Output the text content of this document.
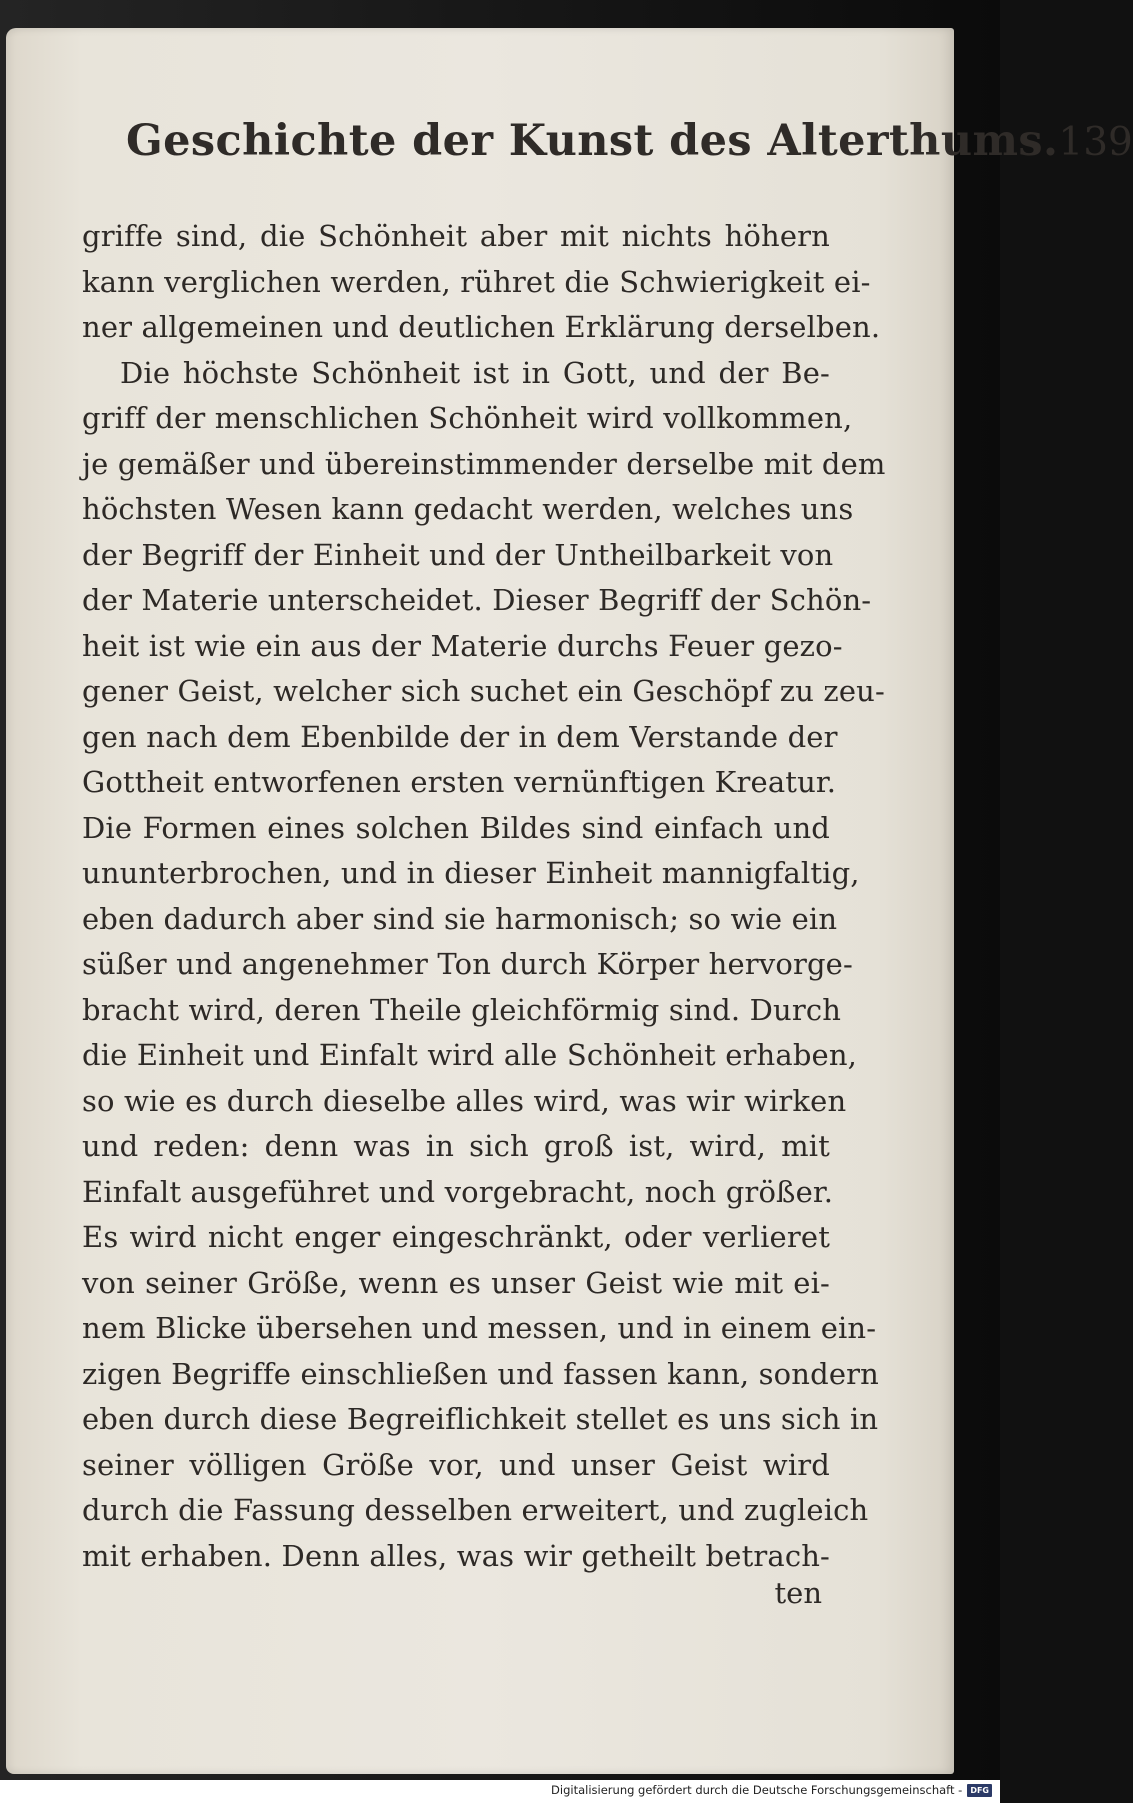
Geschichte der Kunst des Alterthums. 139
griffe sind, die Schönheit aber mit nichts höhern
kann verglichen werden, rühret die Schwierigkeit ei-
ner allgemeinen und deutlichen Erklärung derselben.
Die höchste Schönheit ist in Gott, und der Be-
griff der menschlichen Schönheit wird vollkommen,
je gemäßer und übereinstimmender derselbe mit dem
höchsten Wesen kann gedacht werden, welches uns
der Begriff der Einheit und der Untheilbarkeit von
der Materie unterscheidet. Dieser Begriff der Schön-
heit ist wie ein aus der Materie durchs Feuer gezo-
gener Geist, welcher sich suchet ein Geschöpf zu zeu-
gen nach dem Ebenbilde der in dem Verstande der
Gottheit entworfenen ersten vernünftigen Kreatur.
Die Formen eines solchen Bildes sind einfach und
ununterbrochen, und in dieser Einheit mannigfaltig,
eben dadurch aber sind sie harmonisch; so wie ein
süßer und angenehmer Ton durch Körper hervorge-
bracht wird, deren Theile gleichförmig sind. Durch
die Einheit und Einfalt wird alle Schönheit erhaben,
so wie es durch dieselbe alles wird, was wir wirken
und reden: denn was in sich groß ist, wird, mit
Einfalt ausgeführet und vorgebracht, noch größer.
Es wird nicht enger eingeschränkt, oder verlieret
von seiner Größe, wenn es unser Geist wie mit ei-
nem Blicke übersehen und messen, und in einem ein-
zigen Begriffe einschließen und fassen kann, sondern
eben durch diese Begreiflichkeit stellet es uns sich in
seiner völligen Größe vor, und unser Geist wird
durch die Fassung desselben erweitert, und zugleich
mit erhaben. Denn alles, was wir getheilt betrach-
ten
Digitalisierung gefördert durch die Deutsche Forschungsgemeinschaft -	DFG
